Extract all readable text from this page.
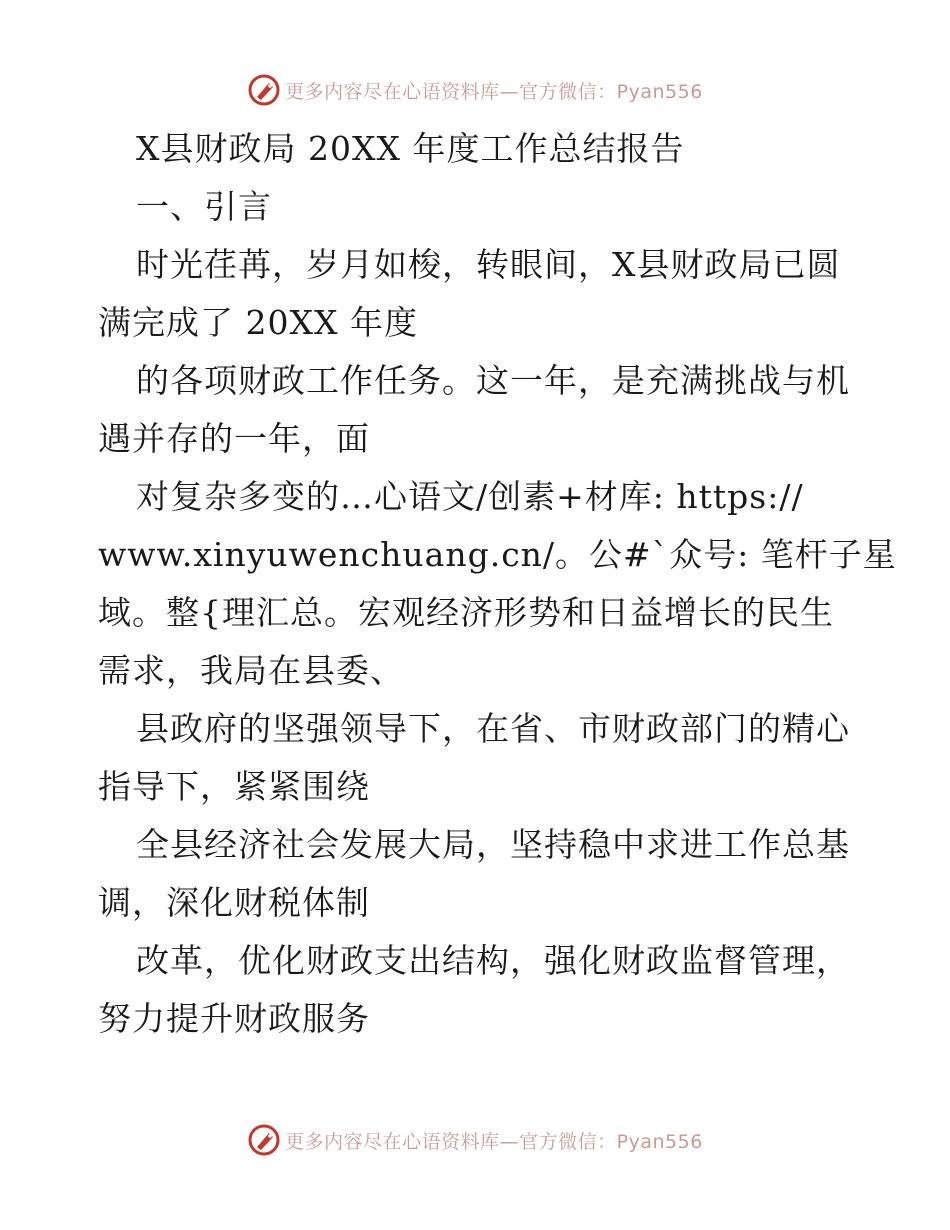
更多内容尽在心语资料库—官方微信：Pyan556
X县财政局 20XX 年度工作总结报告
一、引言
时光荏苒，岁月如梭，转眼间，X县财政局已圆
满完成了 20XX 年度
的各项财政工作任务。这一年，是充满挑战与机
遇并存的一年，面
对复杂多变的…心语文/创素+材库: https://
www.xinyuwenchuang.cn/。公#`众号: 笔杆子星
域。整{理汇总。宏观经济形势和日益增长的民生
需求，我局在县委、
县政府的坚强领导下，在省、市财政部门的精心
指导下，紧紧围绕
全县经济社会发展大局，坚持稳中求进工作总基
调，深化财税体制
改革，优化财政支出结构，强化财政监督管理，
努力提升财政服务
更多内容尽在心语资料库—官方微信：Pyan556
